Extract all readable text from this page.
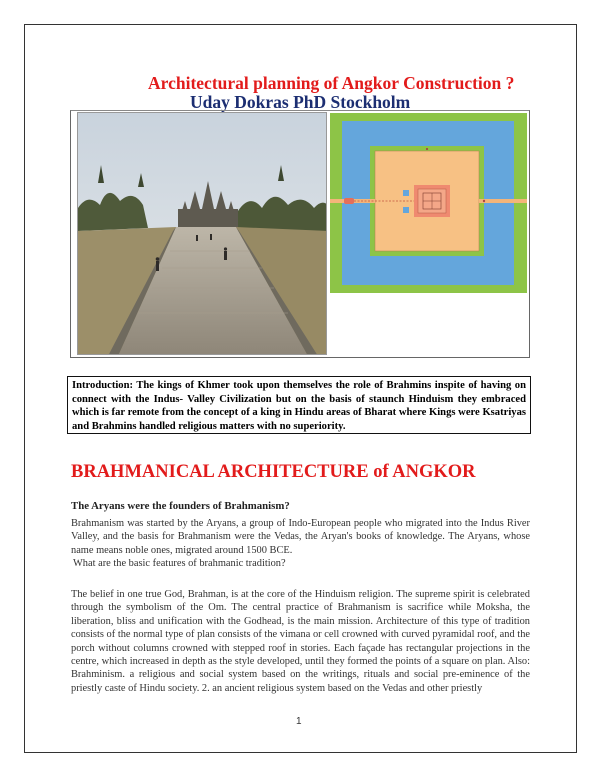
Architectural planning of Angkor Construction ?
Uday Dokras PhD Stockholm
Introduction: The kings of Khmer took upon themselves the role of Brahmins inspite of having on connect with the Indus- Valley Civilization but on the basis of staunch Hinduism they embraced which is far remote from the concept of a king in Hindu areas of Bharat where Kings were Ksatriyas and Brahmins handled religious matters with no superiority.
BRAHMANICAL ARCHITECTURE of ANGKOR
The Aryans were the founders of Brahmanism?
Brahmanism was started by the Aryans, a group of Indo-European people who migrated into the Indus River Valley, and the basis for Brahmanism were the Vedas, the Aryan's books of knowledge. The Aryans, whose name means noble ones, migrated around 1500 BCE.
What are the basic features of brahmanic tradition?
The belief in one true God, Brahman, is at the core of the Hinduism religion. The supreme spirit is celebrated through the symbolism of the Om. The central practice of Brahmanism is sacrifice while Moksha, the liberation, bliss and unification with the Godhead, is the main mission. Architecture of this type of tradition consists of the normal type of plan consists of the vimana or cell crowned with curved pyramidal roof, and the porch without columns crowned with stepped roof in stories. Each façade has rectangular projections in the centre, which increased in depth as the style developed, until they formed the points of a square on plan. Also: Brahminism. a religious and social system based on the writings, rituals and social pre-eminence of the priestly caste of Hindu society. 2. an ancient religious system based on the Vedas and other priestly
1
